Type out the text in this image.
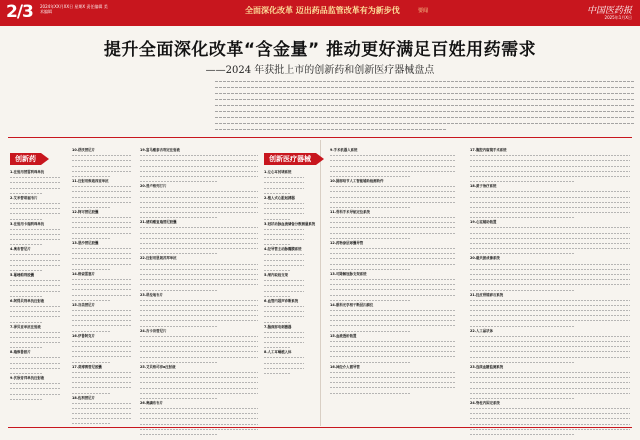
2/3 2024年XX月XX日 星期X 责任编辑 美术编辑	全面深化改革 迈出药品监管改革有为新步伐	要闻	中国医药报
2025年1月X日
提升全面深化改革“含金量” 推动更好满足百姓用药需求
——2024 年获批上市的创新药和创新医疗器械盘点
创新药	创新医疗器械
1.注射用替雷利珠单抗
2.艾米替诺福韦片
3.注射用卡瑞利珠单抗
4.奥布替尼片
5.氟唑帕利胶囊
6.阿得贝利单抗注射液
7.泽贝妥单抗注射液
8.瑞维鲁胺片
9.伏欣奇拜单抗注射液
10.舒沃替尼片
11.注射用维迪西妥单抗
12.阿可替尼胶囊
13.恩沙替尼胶囊
14.格索雷塞片
15.谷美替尼片
16.伊鲁阿克片
17.莫博赛替尼胶囊
18.佐利替尼片
19.富马酸泰吉利定注射液
20.普卢格列汀片
21.琥珀酸复瑞替尼胶囊
22.注射用恩朗苏拜单抗
23.昂拉地韦片
24.吉卡昔替尼片
25.艾贝格司亭α注射液
26.奥磷布韦片
1.左心耳封堵系统
2.植入式心脏起搏器
3.冠状动脉血流储备分数测量系统
4.经导管主动脉瓣膜系统
5.颅内取栓支架
6.血管内超声诊断系统
7.脑深部电刺激器
8.人工耳蜗植入体
9.手术机器人系统
10.肺部结节人工智能辅助检测软件
11.骨科手术导航定位系统
12.药物涂层球囊导管
13.可降解冠脉支架系统
14.眼科光学相干断层扫描仪
15.血液透析装置
16.神经介入微导管
17.腹腔内窥镜手术系统
18.质子治疗系统
19.心室辅助装置
20.磁共振成像系统
21.经皮肾镜碎石系统
22.人工晶状体
23.连续血糖监测系统
24.脊柱内固定系统
